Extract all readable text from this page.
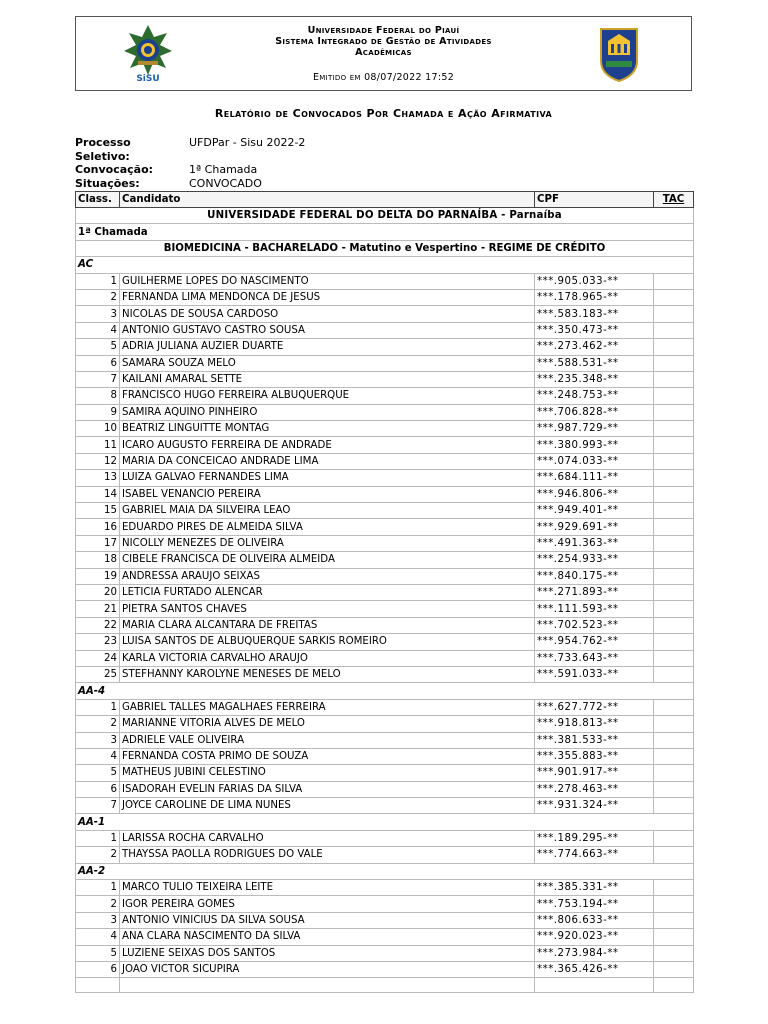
SiSU
Universidade Federal do Piauí
Sistema Integrado de Gestão de Atividades
Acadêmicas
Emitido em 08/07/2022 17:52
Relatório de Convocados Por Chamada e Ação Afirmativa
Processo Seletivo:
UFDPar - Sisu 2022-2
Convocação:	1ª Chamada
Situações:	CONVOCADO
Class.	Candidato	CPF	TAC
UNIVERSIDADE FEDERAL DO DELTA DO PARNAÍBA - Parnaíba			
1ª Chamada			
BIOMEDICINA - BACHARELADO - Matutino e Vespertino - REGIME DE CRÉDITO			
AC			
1	GUILHERME LOPES DO NASCIMENTO	***.905.033-**	
2	FERNANDA LIMA MENDONCA DE JESUS	***.178.965-**	
3	NICOLAS DE SOUSA CARDOSO	***.583.183-**	
4	ANTONIO GUSTAVO CASTRO SOUSA	***.350.473-**	
5	ADRIA JULIANA AUZIER DUARTE	***.273.462-**	
6	SAMARA SOUZA MELO	***.588.531-**	
7	KAILANI AMARAL SETTE	***.235.348-**	
8	FRANCISCO HUGO FERREIRA ALBUQUERQUE	***.248.753-**	
9	SAMIRA AQUINO PINHEIRO	***.706.828-**	
10	BEATRIZ LINGUITTE MONTAG	***.987.729-**	
11	ICARO AUGUSTO FERREIRA DE ANDRADE	***.380.993-**	
12	MARIA DA CONCEICAO ANDRADE LIMA	***.074.033-**	
13	LUIZA GALVAO FERNANDES LIMA	***.684.111-**	
14	ISABEL VENANCIO PEREIRA	***.946.806-**	
15	GABRIEL MAIA DA SILVEIRA LEAO	***.949.401-**	
16	EDUARDO PIRES DE ALMEIDA SILVA	***.929.691-**	
17	NICOLLY MENEZES DE OLIVEIRA	***.491.363-**	
18	CIBELE FRANCISCA DE OLIVEIRA ALMEIDA	***.254.933-**	
19	ANDRESSA ARAUJO SEIXAS	***.840.175-**	
20	LETICIA FURTADO ALENCAR	***.271.893-**	
21	PIETRA SANTOS CHAVES	***.111.593-**	
22	MARIA CLARA ALCANTARA DE FREITAS	***.702.523-**	
23	LUISA SANTOS DE ALBUQUERQUE SARKIS ROMEIRO	***.954.762-**	
24	KARLA VICTORIA CARVALHO ARAUJO	***.733.643-**	
25	STEFHANNY KAROLYNE MENESES DE MELO	***.591.033-**	
AA-4			
1	GABRIEL TALLES MAGALHAES FERREIRA	***.627.772-**	
2	MARIANNE VITORIA ALVES DE MELO	***.918.813-**	
3	ADRIELE VALE OLIVEIRA	***.381.533-**	
4	FERNANDA COSTA PRIMO DE SOUZA	***.355.883-**	
5	MATHEUS JUBINI CELESTINO	***.901.917-**	
6	ISADORAH EVELIN FARIAS DA SILVA	***.278.463-**	
7	JOYCE CAROLINE DE LIMA NUNES	***.931.324-**	
AA-1			
1	LARISSA ROCHA CARVALHO	***.189.295-**	
2	THAYSSA PAOLLA RODRIGUES DO VALE	***.774.663-**	
AA-2			
1	MARCO TULIO TEIXEIRA LEITE	***.385.331-**	
2	IGOR PEREIRA GOMES	***.753.194-**	
3	ANTONIO VINICIUS DA SILVA SOUSA	***.806.633-**	
4	ANA CLARA NASCIMENTO DA SILVA	***.920.023-**	
5	LUZIENE SEIXAS DOS SANTOS	***.273.984-**	
6	JOAO VICTOR SICUPIRA	***.365.426-**	
